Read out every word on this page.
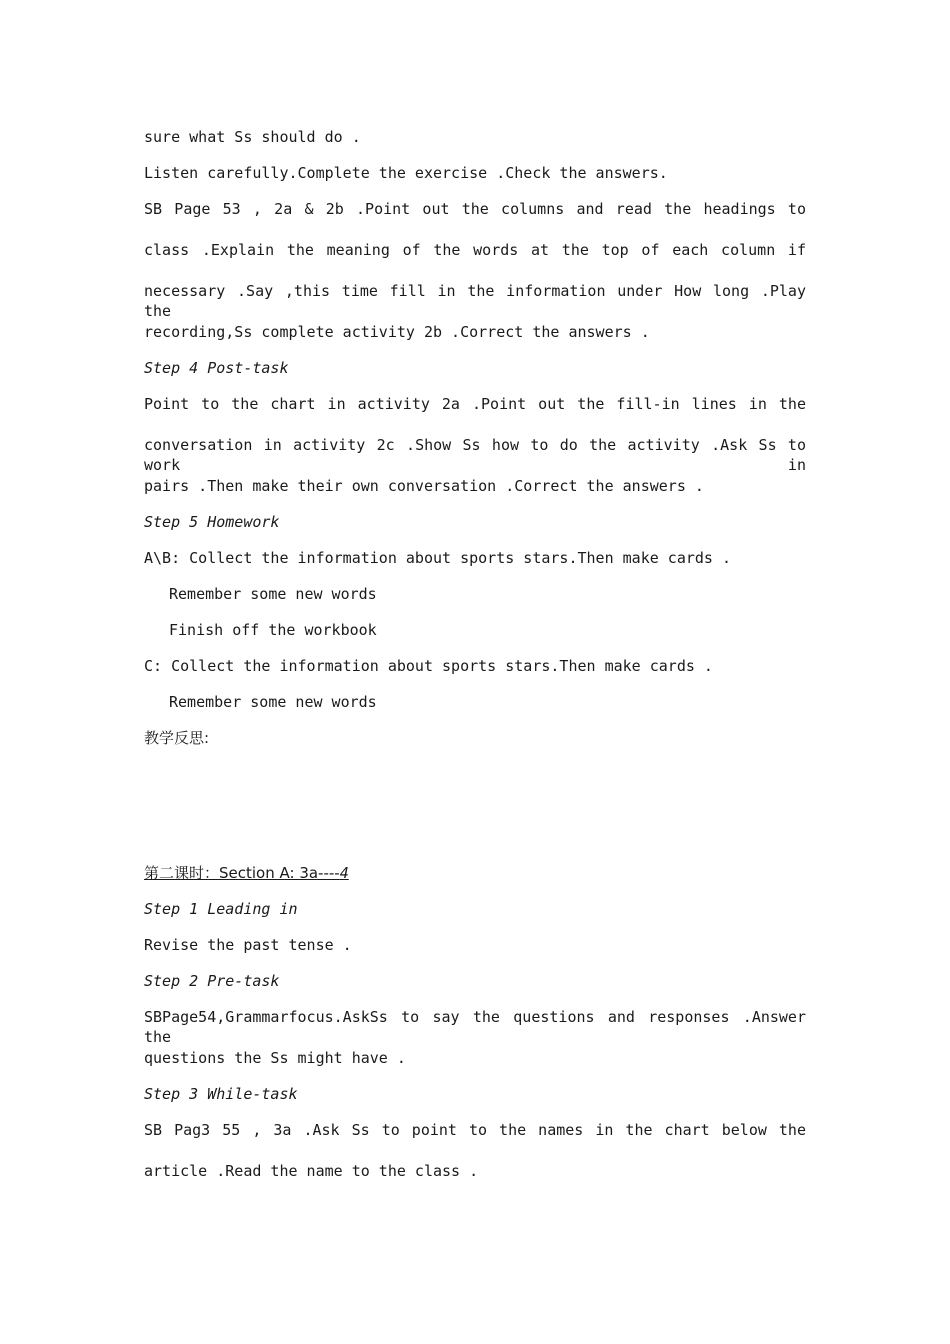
sure what Ss should do .

Listen carefully.Complete the exercise .Check the answers.

SB Page 53 , 2a & 2b .Point out the columns and read the headings to

class .Explain the meaning of the words at the top of each column if

necessary .Say ,this time fill in the information under How long .Play the

recording,Ss complete activity 2b .Correct the answers .

Step 4 Post-task

Point to the chart in activity 2a .Point out the fill-in lines in the

conversation in activity 2c .Show Ss how to do the activity .Ask Ss to work in

pairs .Then make their own conversation .Correct the answers .

Step 5 Homework

A\B: Collect the information about sports stars.Then make cards .

Remember some new words

Finish off the workbook

C: Collect the information about sports stars.Then make cards .

Remember some new words

教学反思:

第二课时：Section A: 3a----4

Step 1 Leading in

Revise the past tense .

Step 2 Pre-task

SBPage54,Grammarfocus.AskSs to say the questions and responses .Answer the

questions the Ss might have .

Step 3 While-task

SB Pag3 55 , 3a .Ask Ss to point to the names in the chart below the

article .Read the name to the class .
